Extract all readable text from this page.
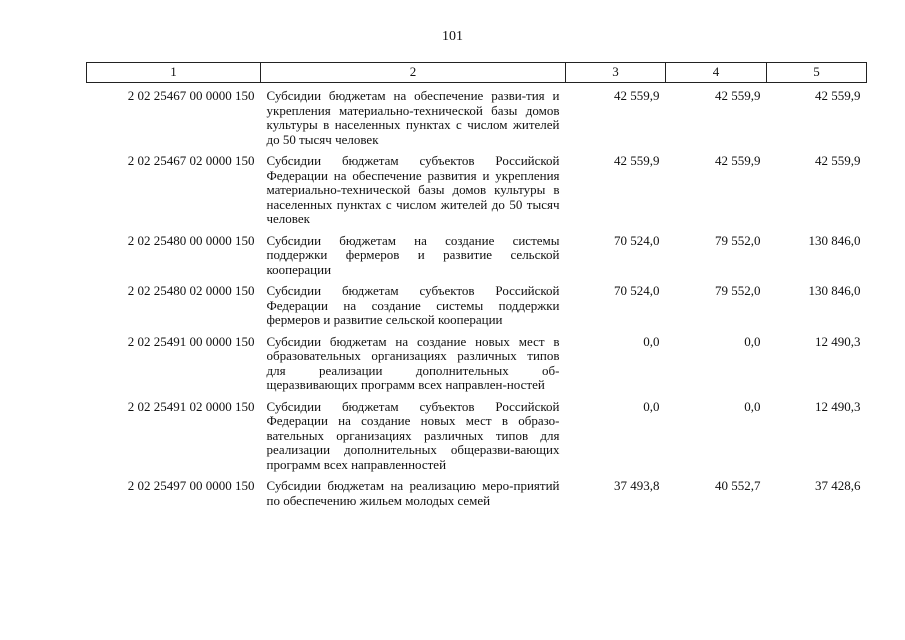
101
1	2	3	4	5
2 02 25467 00 0000 150	Субсидии бюджетам на обеспечение разви-тия и укрепления материально-технической базы домов культуры в населенных пунктах с числом жителей до 50 тысяч человек	42 559,9	42 559,9	42 559,9
2 02 25467 02 0000 150	Субсидии бюджетам субъектов Российской Федерации на обеспечение развития и укрепления материально-технической базы домов культуры в населенных пунктах с числом жителей до 50 тысяч человек	42 559,9	42 559,9	42 559,9
2 02 25480 00 0000 150	Субсидии бюджетам на создание системы поддержки фермеров и развитие сельской кооперации	70 524,0	79 552,0	130 846,0
2 02 25480 02 0000 150	Субсидии бюджетам субъектов Российской Федерации на создание системы поддержки фермеров и развитие сельской кооперации	70 524,0	79 552,0	130 846,0
2 02 25491 00 0000 150	Субсидии бюджетам на создание новых мест в образовательных организациях различных типов для реализации дополнительных об-щеразвивающих программ всех направлен-ностей	0,0	0,0	12 490,3
2 02 25491 02 0000 150	Субсидии бюджетам субъектов Российской Федерации на создание новых мест в образо-вательных организациях различных типов для реализации дополнительных общеразви-вающих программ всех направленностей	0,0	0,0	12 490,3
2 02 25497 00 0000 150	Субсидии бюджетам на реализацию меро-приятий по обеспечению жильем молодых семей	37 493,8	40 552,7	37 428,6
